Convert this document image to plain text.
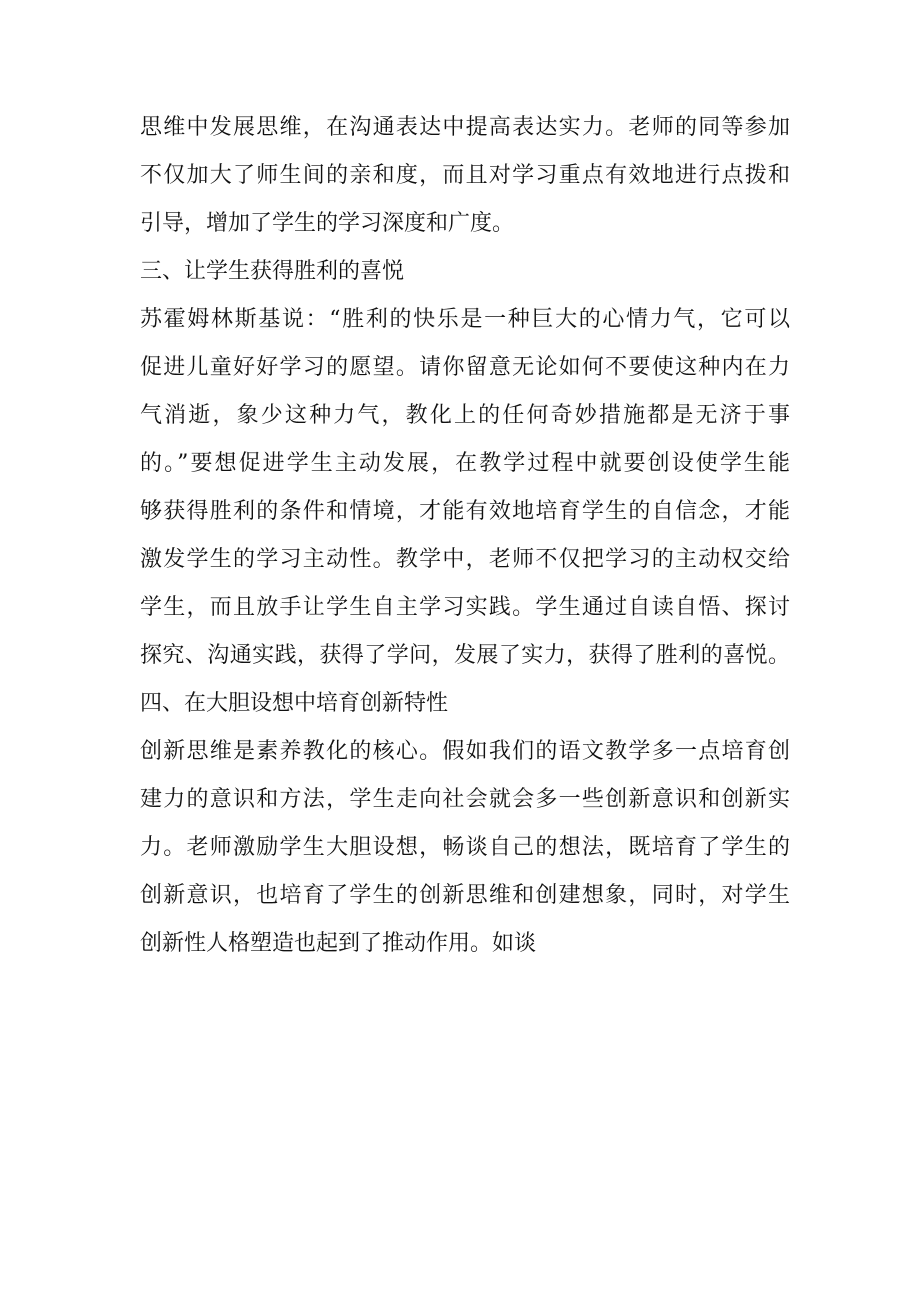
思维中发展思维，在沟通表达中提高表达实力。老师的同等参加
不仅加大了师生间的亲和度，而且对学习重点有效地进行点拨和
引导，增加了学生的学习深度和广度。
三、让学生获得胜利的喜悦
苏霍姆林斯基说：“胜利的快乐是一种巨大的心情力气，它可以
促进儿童好好学习的愿望。请你留意无论如何不要使这种内在力
气消逝，象少这种力气，教化上的任何奇妙措施都是无济于事
的。”要想促进学生主动发展，在教学过程中就要创设使学生能
够获得胜利的条件和情境，才能有效地培育学生的自信念，才能
激发学生的学习主动性。教学中，老师不仅把学习的主动权交给
学生，而且放手让学生自主学习实践。学生通过自读自悟、探讨
探究、沟通实践，获得了学问，发展了实力，获得了胜利的喜悦。
四、在大胆设想中培育创新特性
创新思维是素养教化的核心。假如我们的语文教学多一点培育创
建力的意识和方法，学生走向社会就会多一些创新意识和创新实
力。老师激励学生大胆设想，畅谈自己的想法，既培育了学生的
创新意识，也培育了学生的创新思维和创建想象，同时，对学生
创新性人格塑造也起到了推动作用。如谈
